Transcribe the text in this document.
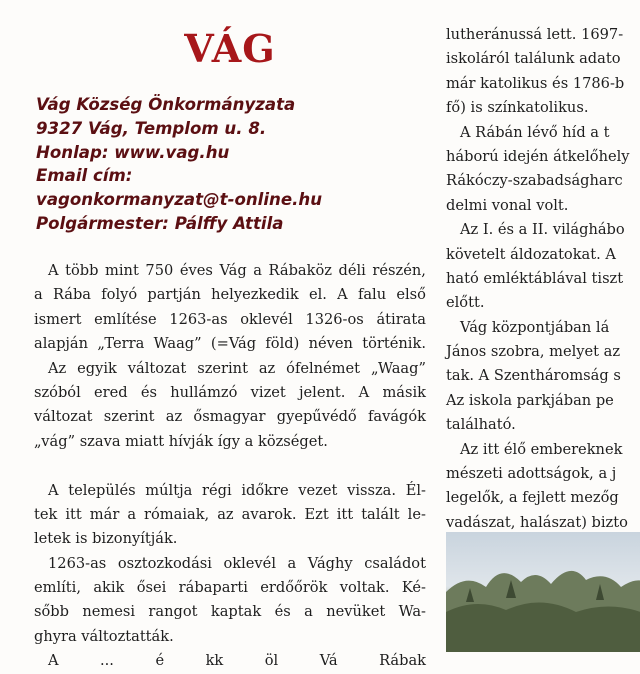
VÁG
Vág Község Önkormányzata
9327 Vág, Templom u. 8.
Honlap: www.vag.hu
Email cím:
vagonkormanyzat@t-online.hu
Polgármester: Pálffy Attila
A több mint 750 éves Vág a Rábaköz déli részén,
a Rába folyó partján helyezkedik el. A falu első
ismert említése 1263-as oklevél 1326-os átirata
alapján „Terra Waag” (=Vág föld) néven történik.
Az egyik változat szerint az ófelnémet „Waag”
szóból ered és hullámzó vizet jelent. A másik
változat szerint az ősmagyar gyepűvédő favágók
„vág” szava miatt hívják így a községet.
A település múltja régi időkre vezet vissza. Él-
tek itt már a rómaiak, az avarok. Ezt itt talált le-
letek is bizonyítják.
1263-as osztozkodási oklevél a Vághy családot
említi, akik ősei rábaparti erdőőrök voltak. Ké-
sőbb nemesi rangot kaptak és a nevüket Wa-
ghyra változtatták.
A	...	é	kk	öl	Vá	Rábak
lutheránussá lett. 1697-
iskoláról találunk adato
már katolikus és 1786-b
fő) is színkatolikus.
A Rábán lévő híd a t
háború idején átkelőhely
Rákóczy-szabadságharc
delmi vonal volt.
Az I. és a II. világhábo
követelt áldozatokat. A
ható emléktáblával tiszt
előtt.
Vág központjában lá
János szobra, melyet az
tak. A Szentháromság s
Az iskola parkjában pe
található.
Az itt élő embereknek
mészeti adottságok, a j
legelők, a fejlett mezőg
vadászat, halászat) bizto
